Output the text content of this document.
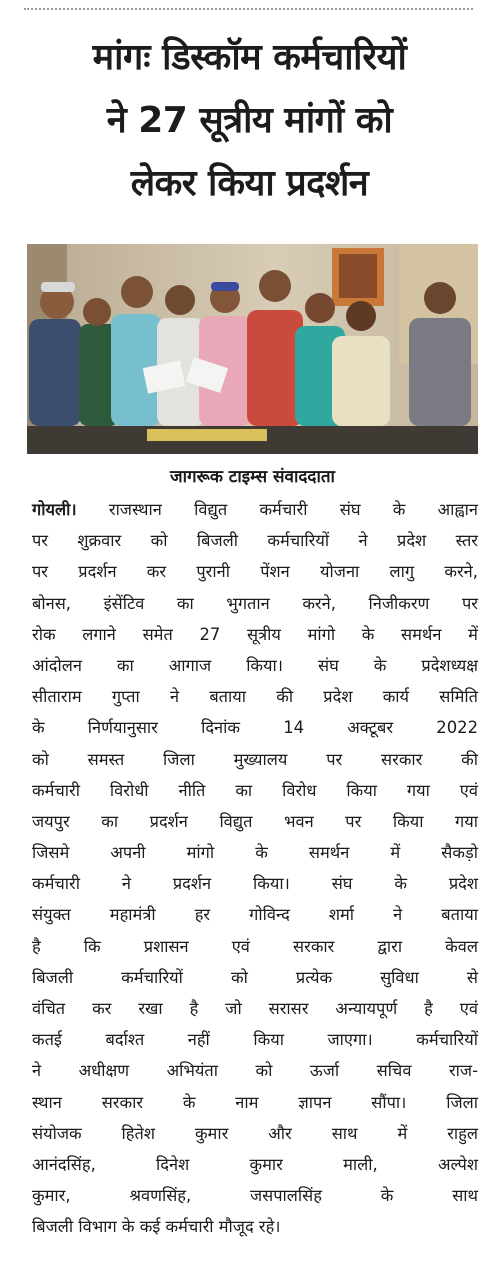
मांगः डिस्कॉम कर्मचारियों
ने 27 सूत्रीय मांगों को
लेकर किया प्रदर्शन
जागरूक टाइम्स संवाददाता
गोयली। राजस्थान विद्युत कर्मचारी संघ के आह्वान
पर शुक्रवार को बिजली कर्मचारियों ने प्रदेश स्तर
पर प्रदर्शन कर पुरानी पेंशन योजना लागु करने,
बोनस, इंसेंटिव का भुगतान करने, निजीकरण पर
रोक लगाने समेत 27 सूत्रीय मांगो के समर्थन में
आंदोलन का आगाज किया। संघ के प्रदेशध्यक्ष
सीताराम गुप्ता ने बताया की प्रदेश कार्य समिति
के निर्णयानुसार दिनांक 14 अक्टूबर 2022
को समस्त जिला मुख्यालय पर सरकार की
कर्मचारी विरोधी नीति का विरोध किया गया एवं
जयपुर का प्रदर्शन विद्युत भवन पर किया गया
जिसमे अपनी मांगो के समर्थन में सैकड़ो
कर्मचारी ने प्रदर्शन किया। संघ के प्रदेश
संयुक्त महामंत्री हर गोविन्द शर्मा ने बताया
है कि प्रशासन एवं सरकार द्वारा केवल
बिजली कर्मचारियों को प्रत्येक सुविधा से
वंचित कर रखा है जो सरासर अन्यायपूर्ण है एवं
कतई बर्दाश्त नहीं किया जाएगा। कर्मचारियों
ने अधीक्षण अभियंता को ऊर्जा सचिव राज-
स्थान सरकार के नाम ज्ञापन सौंपा। जिला
संयोजक हितेश कुमार और साथ में राहुल
आनंदसिंह, दिनेश कुमार माली, अल्पेश
कुमार, श्रवणसिंह, जसपालसिंह के साथ
बिजली विभाग के कई कर्मचारी मौजूद रहे।
